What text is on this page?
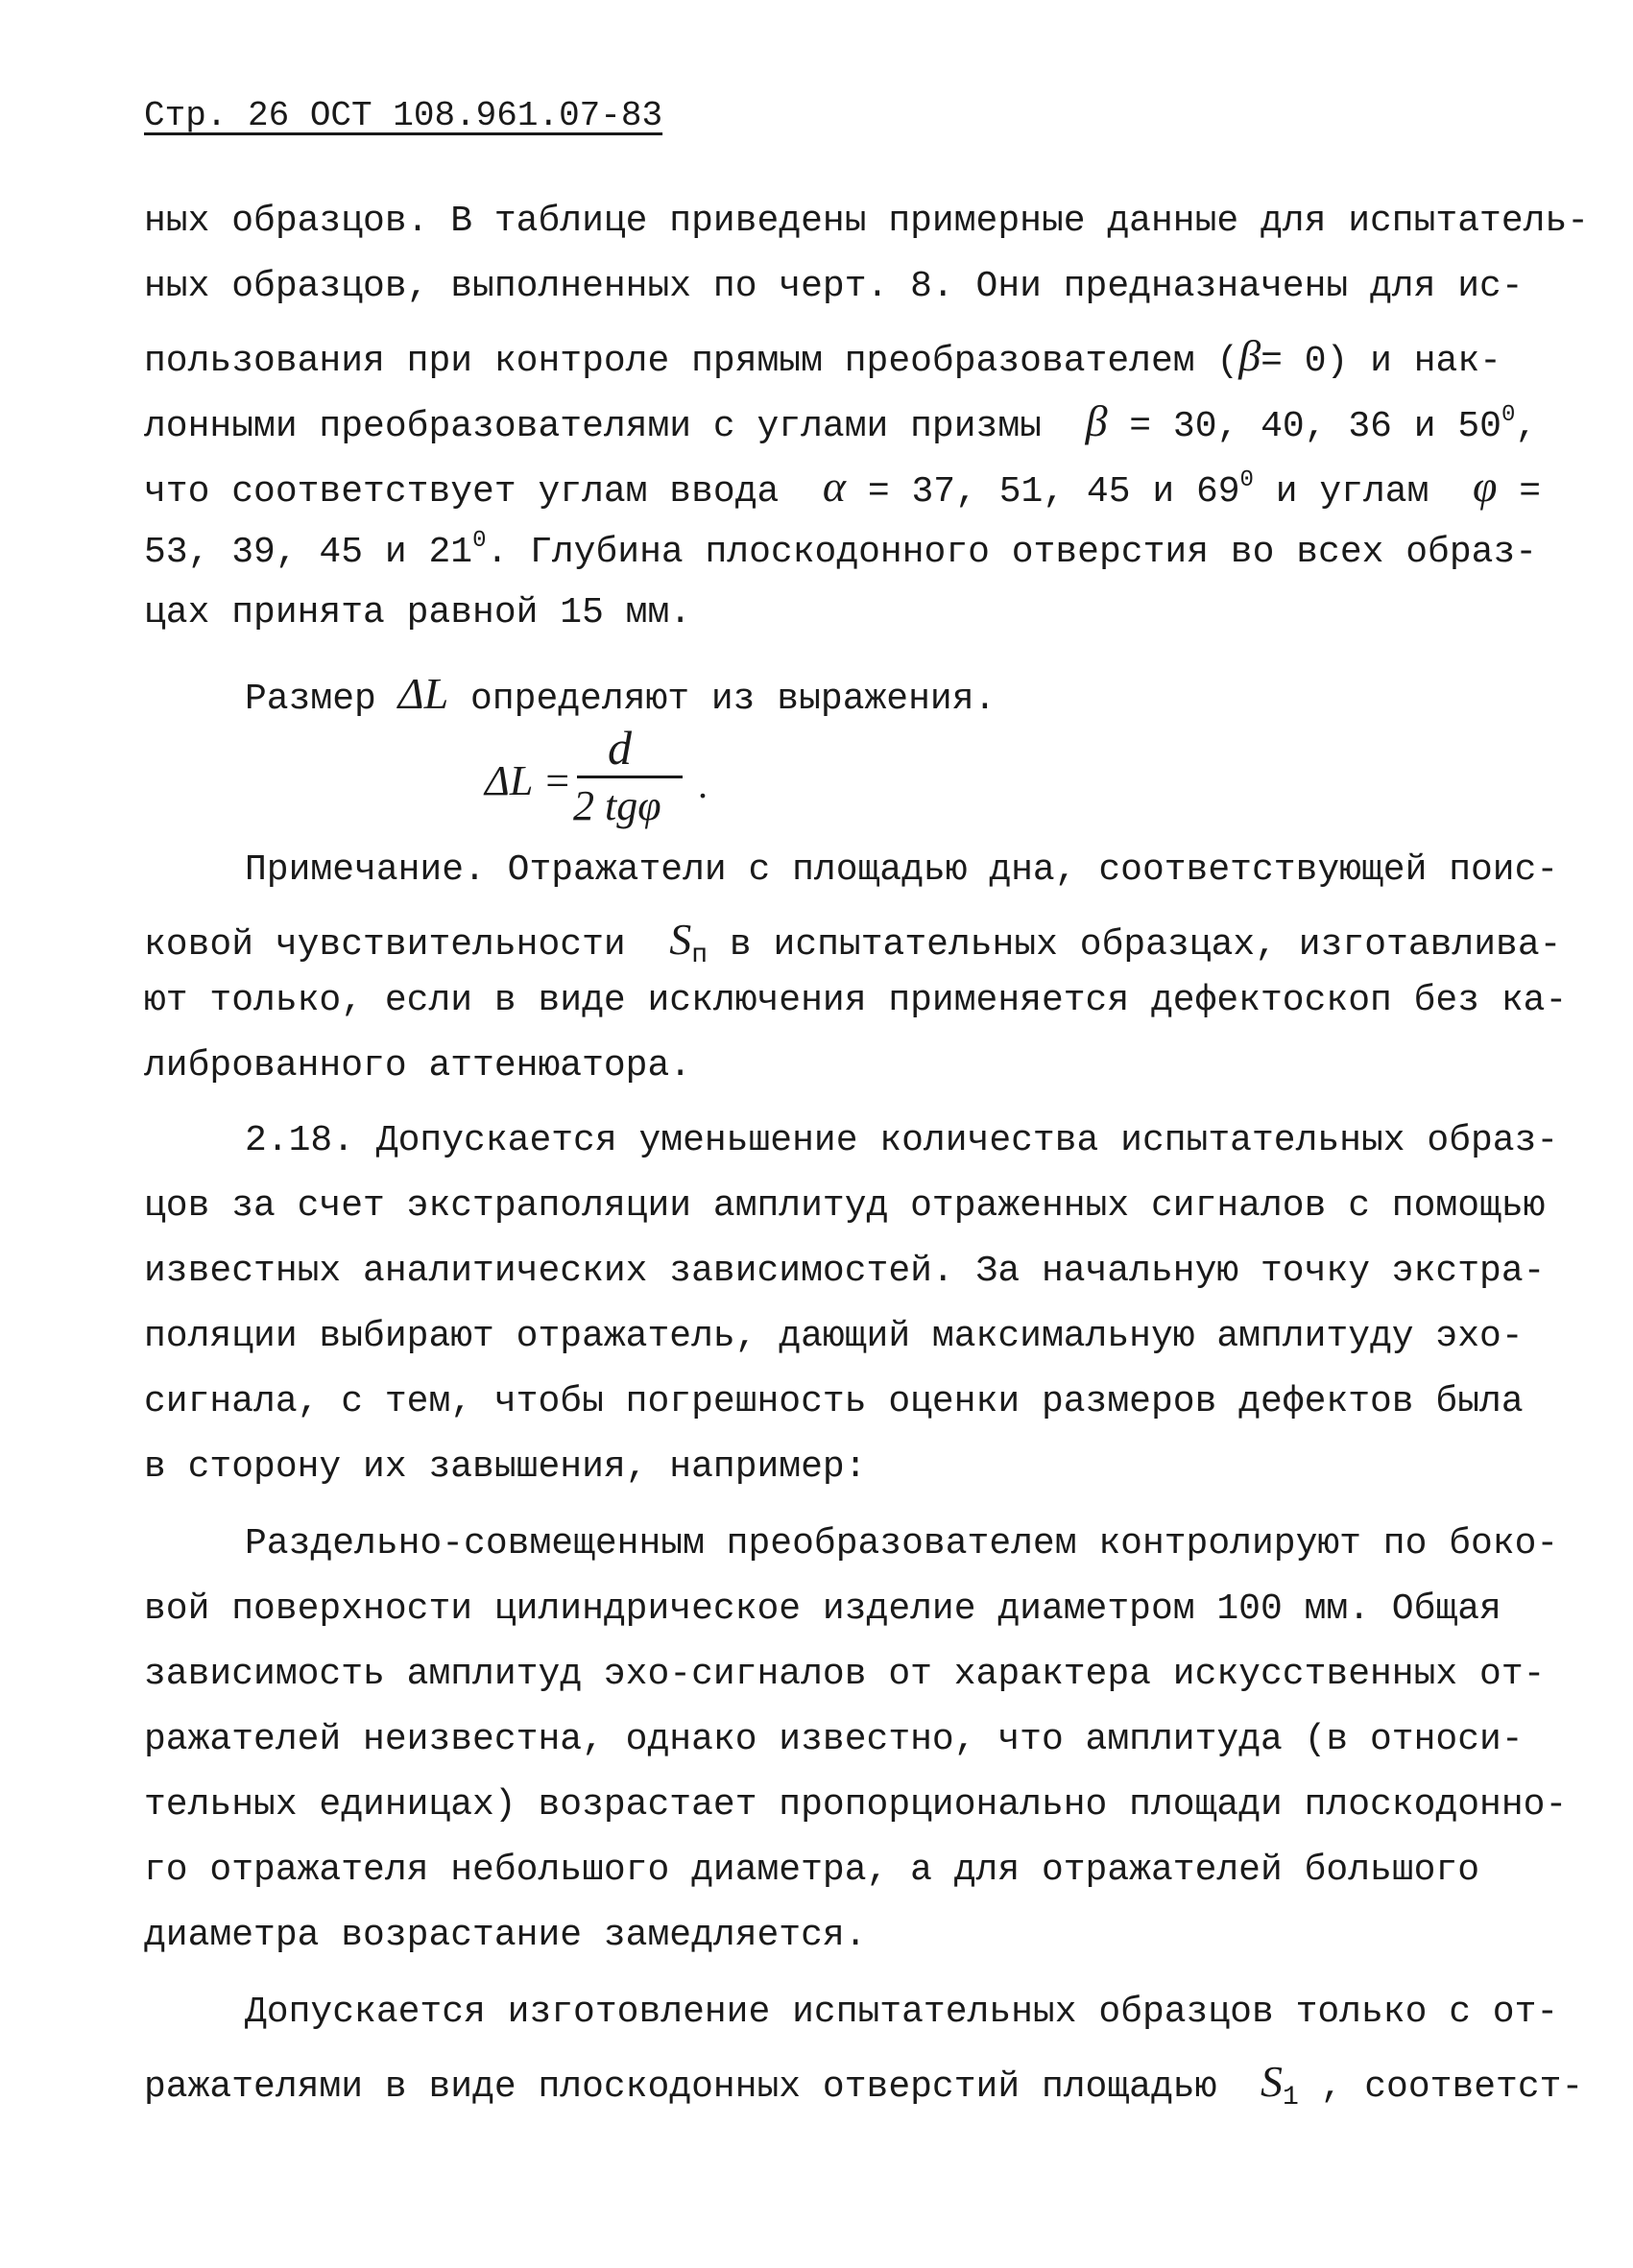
Стр. 26 ОСТ 108.961.07-83
ных образцов. В таблице приведены примерные данные для испытатель-
ных образцов, выполненных по черт. 8. Они предназначены для ис-
пользования при контроле прямым преобразователем (β= 0) и нак-
лонными преобразователями с углами призмы  β = 30, 40, 36 и $50^0$,
что соответствует углам ввода  α = 37, 51, 45 и $69^0$ и углам  φ =
53, 39, 45 и $21^0$. Глубина плоскодонного отверстия во всех образ-
цах принята равной 15 мм.
Размер ΔL определяют из выражения.
ΔL =
d
2 tgφ .
Примечание. Отражатели с площадью дна, соответствующей поис-
ковой чувствительности  $S_п$ в испытательных образцах, изготавлива-
ют только, если в виде исключения применяется дефектоскоп без ка-
либрованного аттенюатора.
2.18. Допускается уменьшение количества испытательных образ-
цов за счет экстраполяции амплитуд отраженных сигналов с помощью
известных аналитических зависимостей. За начальную точку экстра-
поляции выбирают отражатель, дающий максимальную амплитуду эхо-
сигнала, с тем, чтобы погрешность оценки размеров дефектов была
в сторону их завышения, например:
Раздельно-совмещенным преобразователем контролируют по боко-
вой поверхности цилиндрическое изделие диаметром 100 мм. Общая
зависимость амплитуд эхо-сигналов от характера искусственных от-
ражателей неизвестна, однако известно, что амплитуда (в относи-
тельных единицах) возрастает пропорционально площади плоскодонно-
го отражателя небольшого диаметра, а для отражателей большого
диаметра возрастание замедляется.
Допускается изготовление испытательных образцов только с от-
ражателями в виде плоскодонных отверстий площадью  $S_1$ , соответст-
